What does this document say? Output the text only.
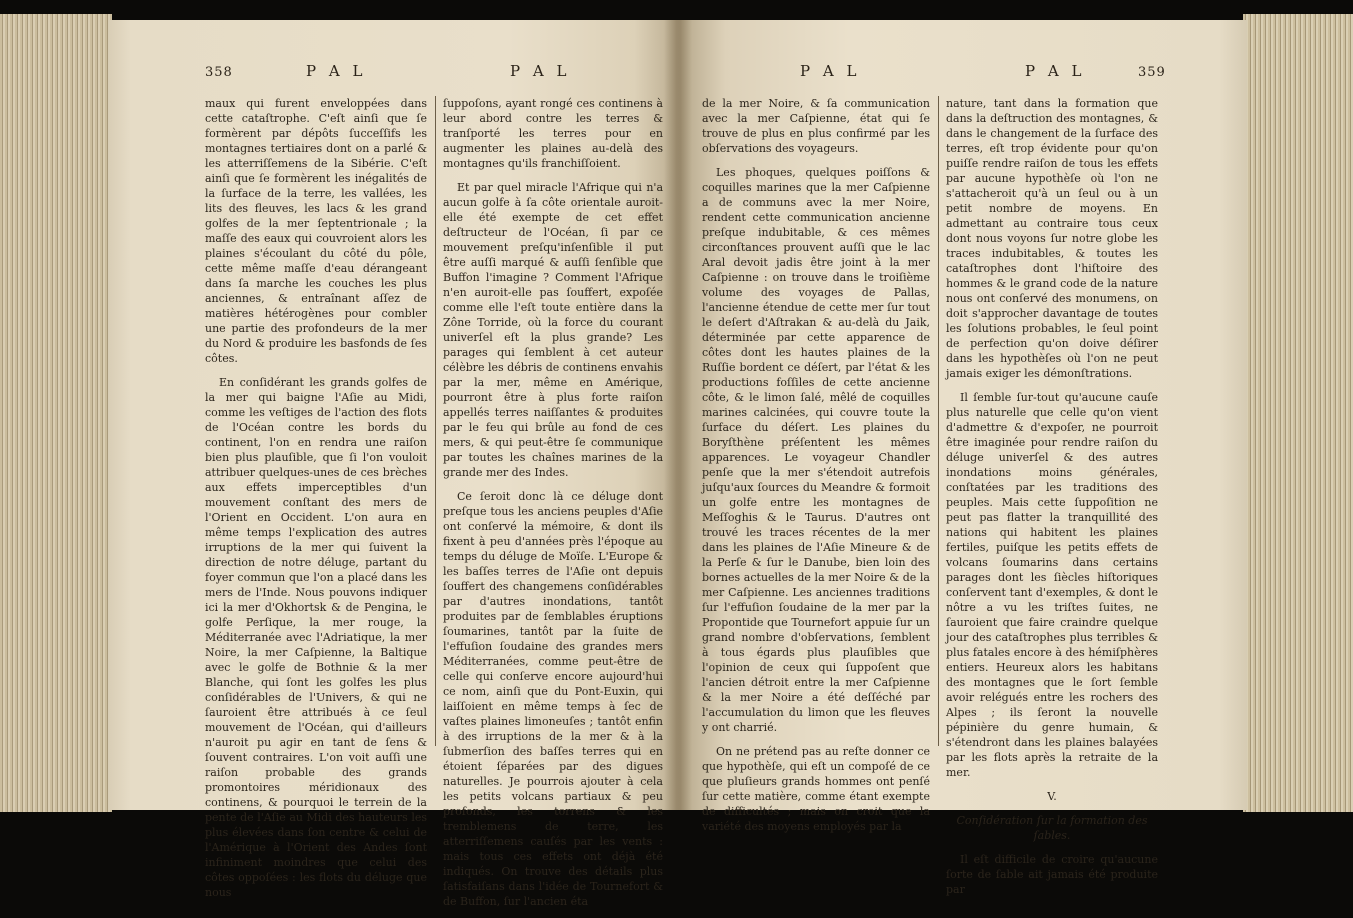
358	P A L	P A L

maux qui furent enveloppées dans cette cataſtrophe. C'eſt ainſi que ſe formèrent par dépôts ſucceſſifs les montagnes tertiaires dont on a parlé & les atterriſſemens de la Sibérie. C'eſt ainſi que ſe formèrent les inégalités de la ſurface de la terre, les vallées, les lits des fleuves, les lacs & les grand golfes de la mer ſeptentrionale ; la maſſe des eaux qui couvroient alors les plaines s'écoulant du côté du pôle, cette même maſſe d'eau dérangeant dans ſa marche les couches les plus anciennes, & entraînant aſſez de matières hétérogènes pour combler une partie des profondeurs de la mer du Nord & produire les basfonds de ſes côtes.

En conſidérant les grands golfes de la mer qui baigne l'Aſie au Midi, comme les veſtiges de l'action des flots de l'Océan contre les bords du continent, l'on en rendra une raiſon bien plus plauſible, que ſi l'on vouloit attribuer quelques-unes de ces brèches aux effets imperceptibles d'un mouvement conſtant des mers de l'Orient en Occident. L'on aura en même temps l'explication des autres irruptions de la mer qui ſuivent la direction de notre déluge, partant du foyer commun que l'on a placé dans les mers de l'Inde. Nous pouvons indiquer ici la mer d'Okhortsk & de Pengina, le golfe Perſique, la mer rouge, la Méditerranée avec l'Adriatique, la mer Noire, la mer Caſpienne, la Baltique avec le golfe de Bothnie & la mer Blanche, qui ſont les golfes les plus conſidérables de l'Univers, & qui ne ſauroient être attribués à ce ſeul mouvement de l'Océan, qui d'ailleurs n'auroit pu agir en tant de ſens & ſouvent contraires. L'on voit auſſi une raiſon probable des grands promontoires méridionaux des continens, & pourquoi le terrein de la pente de l'Aſie au Midi des hauteurs les plus élevées dans ſon centre & celui de l'Amérique à l'Orient des Andes ſont infiniment moindres que celui des côtes oppoſées : les flots du déluge que nous

ſuppoſons, ayant rongé ces continens à leur abord contre les terres & tranſporté les terres pour en augmenter les plaines au-delà des montagnes qu'ils franchiſſoient.

Et par quel miracle l'Afrique qui n'a aucun golfe à ſa côte orientale auroit-elle été exempte de cet effet deſtructeur de l'Océan, ſi par ce mouvement preſqu'inſenſible il put être auſſi marqué & auſſi ſenſible que Buffon l'imagine ? Comment l'Afrique n'en auroit-elle pas ſouffert, expoſée comme elle l'eſt toute entière dans la Zône Torride, où la force du courant univerſel eſt la plus grande? Les parages qui ſemblent à cet auteur célèbre les débris de continens envahis par la mer, même en Amérique, pourront être à plus forte raiſon appellés terres naiſſantes & produites par le feu qui brûle au fond de ces mers, & qui peut-être ſe communique par toutes les chaînes marines de la grande mer des Indes.

Ce ſeroit donc là ce déluge dont preſque tous les anciens peuples d'Aſie ont conſervé la mémoire, & dont ils fixent à peu d'années près l'époque au temps du déluge de Moïſe. L'Europe & les baſſes terres de l'Aſie ont depuis ſouffert des changemens conſidérables par d'autres inondations, tantôt produites par de ſemblables éruptions ſoumarines, tantôt par la ſuite de l'effuſion ſoudaine des grandes mers Méditerranées, comme peut-être de celle qui conſerve encore aujourd'hui ce nom, ainſi que du Pont-Euxin, qui laiſſoient en même temps à ſec de vaſtes plaines limoneuſes ; tantôt enfin à des irruptions de la mer & à la ſubmerſion des baſſes terres qui en étoient ſéparées par des digues naturelles. Je pourrois ajouter à cela les petits volcans partiaux & peu profonds, les torrens & les tremblemens de terre, les atterriſſemens cauſés par les vents : mais tous ces effets ont déjà été indiqués. On trouve des détails plus ſatisfaiſans dans l'idée de Tournefort & de Buffon, ſur l'ancien éta

P A L	P A L	359

de la mer Noire, & ſa communication avec la mer Caſpienne, état qui ſe trouve de plus en plus confirmé par les obſervations des voyageurs.

Les phoques, quelques poiſſons & coquilles marines que la mer Caſpienne a de communs avec la mer Noire, rendent cette communication ancienne preſque indubitable, & ces mêmes circonſtances prouvent auſſi que le lac Aral devoit jadis être joint à la mer Caſpienne : on trouve dans le troiſième volume des voyages de Pallas, l'ancienne étendue de cette mer ſur tout le deſert d'Aſtrakan & au-delà du Jaik, déterminée par cette apparence de côtes dont les hautes plaines de la Ruſſie bordent ce déſert, par l'état & les productions foſſiles de cette ancienne côte, & le limon ſalé, mêlé de coquilles marines calcinées, qui couvre toute la ſurface du déſert. Les plaines du Boryſthène préſentent les mêmes apparences. Le voyageur Chandler penſe que la mer s'étendoit autrefois juſqu'aux ſources du Meandre & formoit un golfe entre les montagnes de Meſſoghis & le Taurus. D'autres ont trouvé les traces récentes de la mer dans les plaines de l'Aſie Mineure & de la Perſe & ſur le Danube, bien loin des bornes actuelles de la mer Noire & de la mer Caſpienne. Les anciennes traditions ſur l'effuſion ſoudaine de la mer par la Propontide que Tournefort appuie ſur un grand nombre d'obſervations, ſemblent à tous égards plus plauſibles que l'opinion de ceux qui ſuppoſent que l'ancien détroit entre la mer Caſpienne & la mer Noire a été deſſéché par l'accumulation du limon que les fleuves y ont charrié.

On ne prétend pas au reſte donner ce que hypothèſe, qui eſt un compoſé de ce que pluſieurs grands hommes ont penſé ſur cette matière, comme étant exempte de difficultés ; mais on croit que la variété des moyens employés par la

nature, tant dans la formation que dans la deſtruction des montagnes, & dans le changement de la ſurface des terres, eſt trop évidente pour qu'on puiſſe rendre raiſon de tous les effets par aucune hypothèſe où l'on ne s'attacheroit qu'à un ſeul ou à un petit nombre de moyens. En admettant au contraire tous ceux dont nous voyons ſur notre globe les traces indubitables, & toutes les cataſtrophes dont l'hiſtoire des hommes & le grand code de la nature nous ont conſervé des monumens, on doit s'approcher davantage de toutes les ſolutions probables, le ſeul point de perfection qu'on doive déſirer dans les hypothèſes où l'on ne peut jamais exiger les démonſtrations.

Il ſemble ſur-tout qu'aucune cauſe plus naturelle que celle qu'on vient d'admettre & d'expoſer, ne pourroit être imaginée pour rendre raiſon du déluge univerſel & des autres inondations moins générales, conſtatées par les traditions des peuples. Mais cette ſuppoſition ne peut pas flatter la tranquillité des nations qui habitent les plaines fertiles, puiſque les petits effets de volcans ſoumarins dans certains parages dont les ſiècles hiſtoriques conſervent tant d'exemples, & dont le nôtre a vu les triſtes ſuites, ne ſauroient que faire craindre quelque jour des cataſtrophes plus terribles & plus fatales encore à des hémiſphères entiers. Heureux alors les habitans des montagnes que le ſort ſemble avoir relégués entre les rochers des Alpes ; ils ſeront la nouvelle pépinière du genre humain, & s'étendront dans les plaines balayées par les flots après la retraite de la mer.

V.

Conſidération ſur la formation des ſables.

Il eſt difficile de croire qu'aucune ſorte de ſable ait jamais été produite par
